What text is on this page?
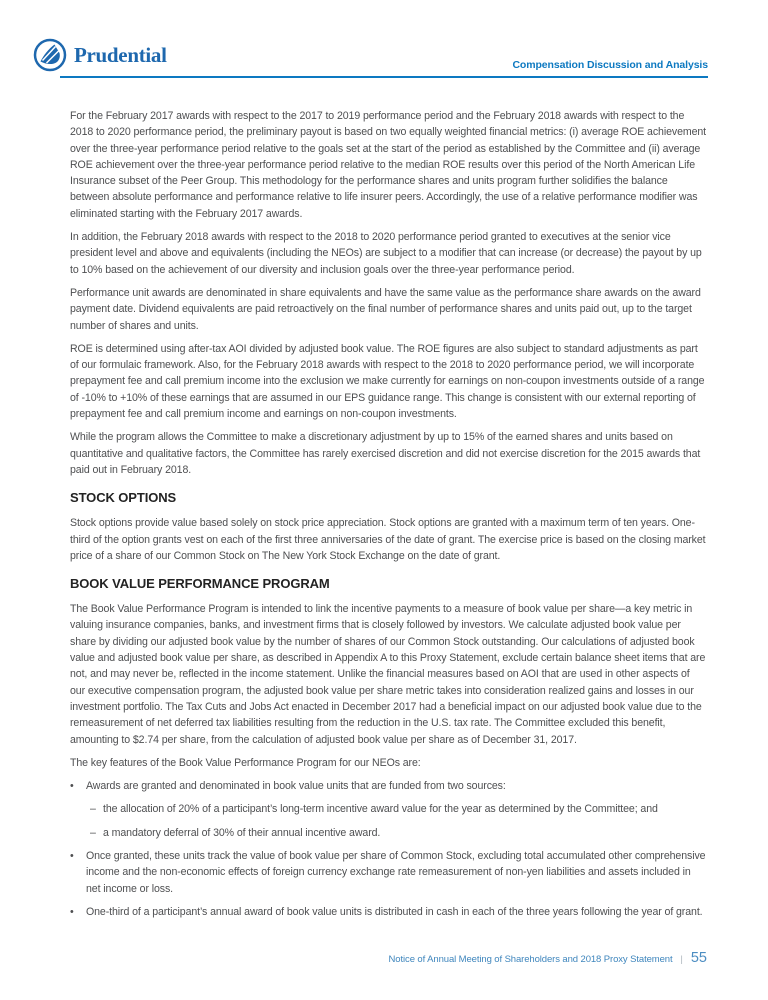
Prudential	Compensation Discussion and Analysis

For the February 2017 awards with respect to the 2017 to 2019 performance period and the February 2018 awards with respect to the 2018 to 2020 performance period, the preliminary payout is based on two equally weighted financial metrics: (i) average ROE achievement over the three-year performance period relative to the goals set at the start of the period as established by the Committee and (ii) average ROE achievement over the three-year performance period relative to the median ROE results over this period of the North American Life Insurance subset of the Peer Group. This methodology for the performance shares and units program further solidifies the balance between absolute performance and performance relative to life insurer peers. Accordingly, the use of a relative performance modifier was eliminated starting with the February 2017 awards.

In addition, the February 2018 awards with respect to the 2018 to 2020 performance period granted to executives at the senior vice president level and above and equivalents (including the NEOs) are subject to a modifier that can increase (or decrease) the payout by up to 10% based on the achievement of our diversity and inclusion goals over the three-year performance period.

Performance unit awards are denominated in share equivalents and have the same value as the performance share awards on the award payment date. Dividend equivalents are paid retroactively on the final number of performance shares and units paid out, up to the target number of shares and units.

ROE is determined using after-tax AOI divided by adjusted book value. The ROE figures are also subject to standard adjustments as part of our formulaic framework. Also, for the February 2018 awards with respect to the 2018 to 2020 performance period, we will incorporate prepayment fee and call premium income into the exclusion we make currently for earnings on non-coupon investments outside of a range of -10% to +10% of these earnings that are assumed in our EPS guidance range. This change is consistent with our external reporting of prepayment fee and call premium income and earnings on non-coupon investments.

While the program allows the Committee to make a discretionary adjustment by up to 15% of the earned shares and units based on quantitative and qualitative factors, the Committee has rarely exercised discretion and did not exercise discretion for the 2015 awards that paid out in February 2018.

STOCK OPTIONS

Stock options provide value based solely on stock price appreciation. Stock options are granted with a maximum term of ten years. One-third of the option grants vest on each of the first three anniversaries of the date of grant. The exercise price is based on the closing market price of a share of our Common Stock on The New York Stock Exchange on the date of grant.

BOOK VALUE PERFORMANCE PROGRAM

The Book Value Performance Program is intended to link the incentive payments to a measure of book value per share—a key metric in valuing insurance companies, banks, and investment firms that is closely followed by investors. We calculate adjusted book value per share by dividing our adjusted book value by the number of shares of our Common Stock outstanding. Our calculations of adjusted book value and adjusted book value per share, as described in Appendix A to this Proxy Statement, exclude certain balance sheet items that are not, and may never be, reflected in the income statement. Unlike the financial measures based on AOI that are used in other aspects of our executive compensation program, the adjusted book value per share metric takes into consideration realized gains and losses in our investment portfolio. The Tax Cuts and Jobs Act enacted in December 2017 had a beneficial impact on our adjusted book value due to the remeasurement of net deferred tax liabilities resulting from the reduction in the U.S. tax rate. The Committee excluded this benefit, amounting to $2.74 per share, from the calculation of adjusted book value per share as of December 31, 2017.

The key features of the Book Value Performance Program for our NEOs are:

•	Awards are granted and denominated in book value units that are funded from two sources:
– the allocation of 20% of a participant’s long-term incentive award value for the year as determined by the Committee; and
– a mandatory deferral of 30% of their annual incentive award.
•	Once granted, these units track the value of book value per share of Common Stock, excluding total accumulated other comprehensive income and the non-economic effects of foreign currency exchange rate remeasurement of non-yen liabilities and assets included in net income or loss.
•	One-third of a participant’s annual award of book value units is distributed in cash in each of the three years following the year of grant.
Notice of Annual Meeting of Shareholders and 2018 Proxy Statement | 55
